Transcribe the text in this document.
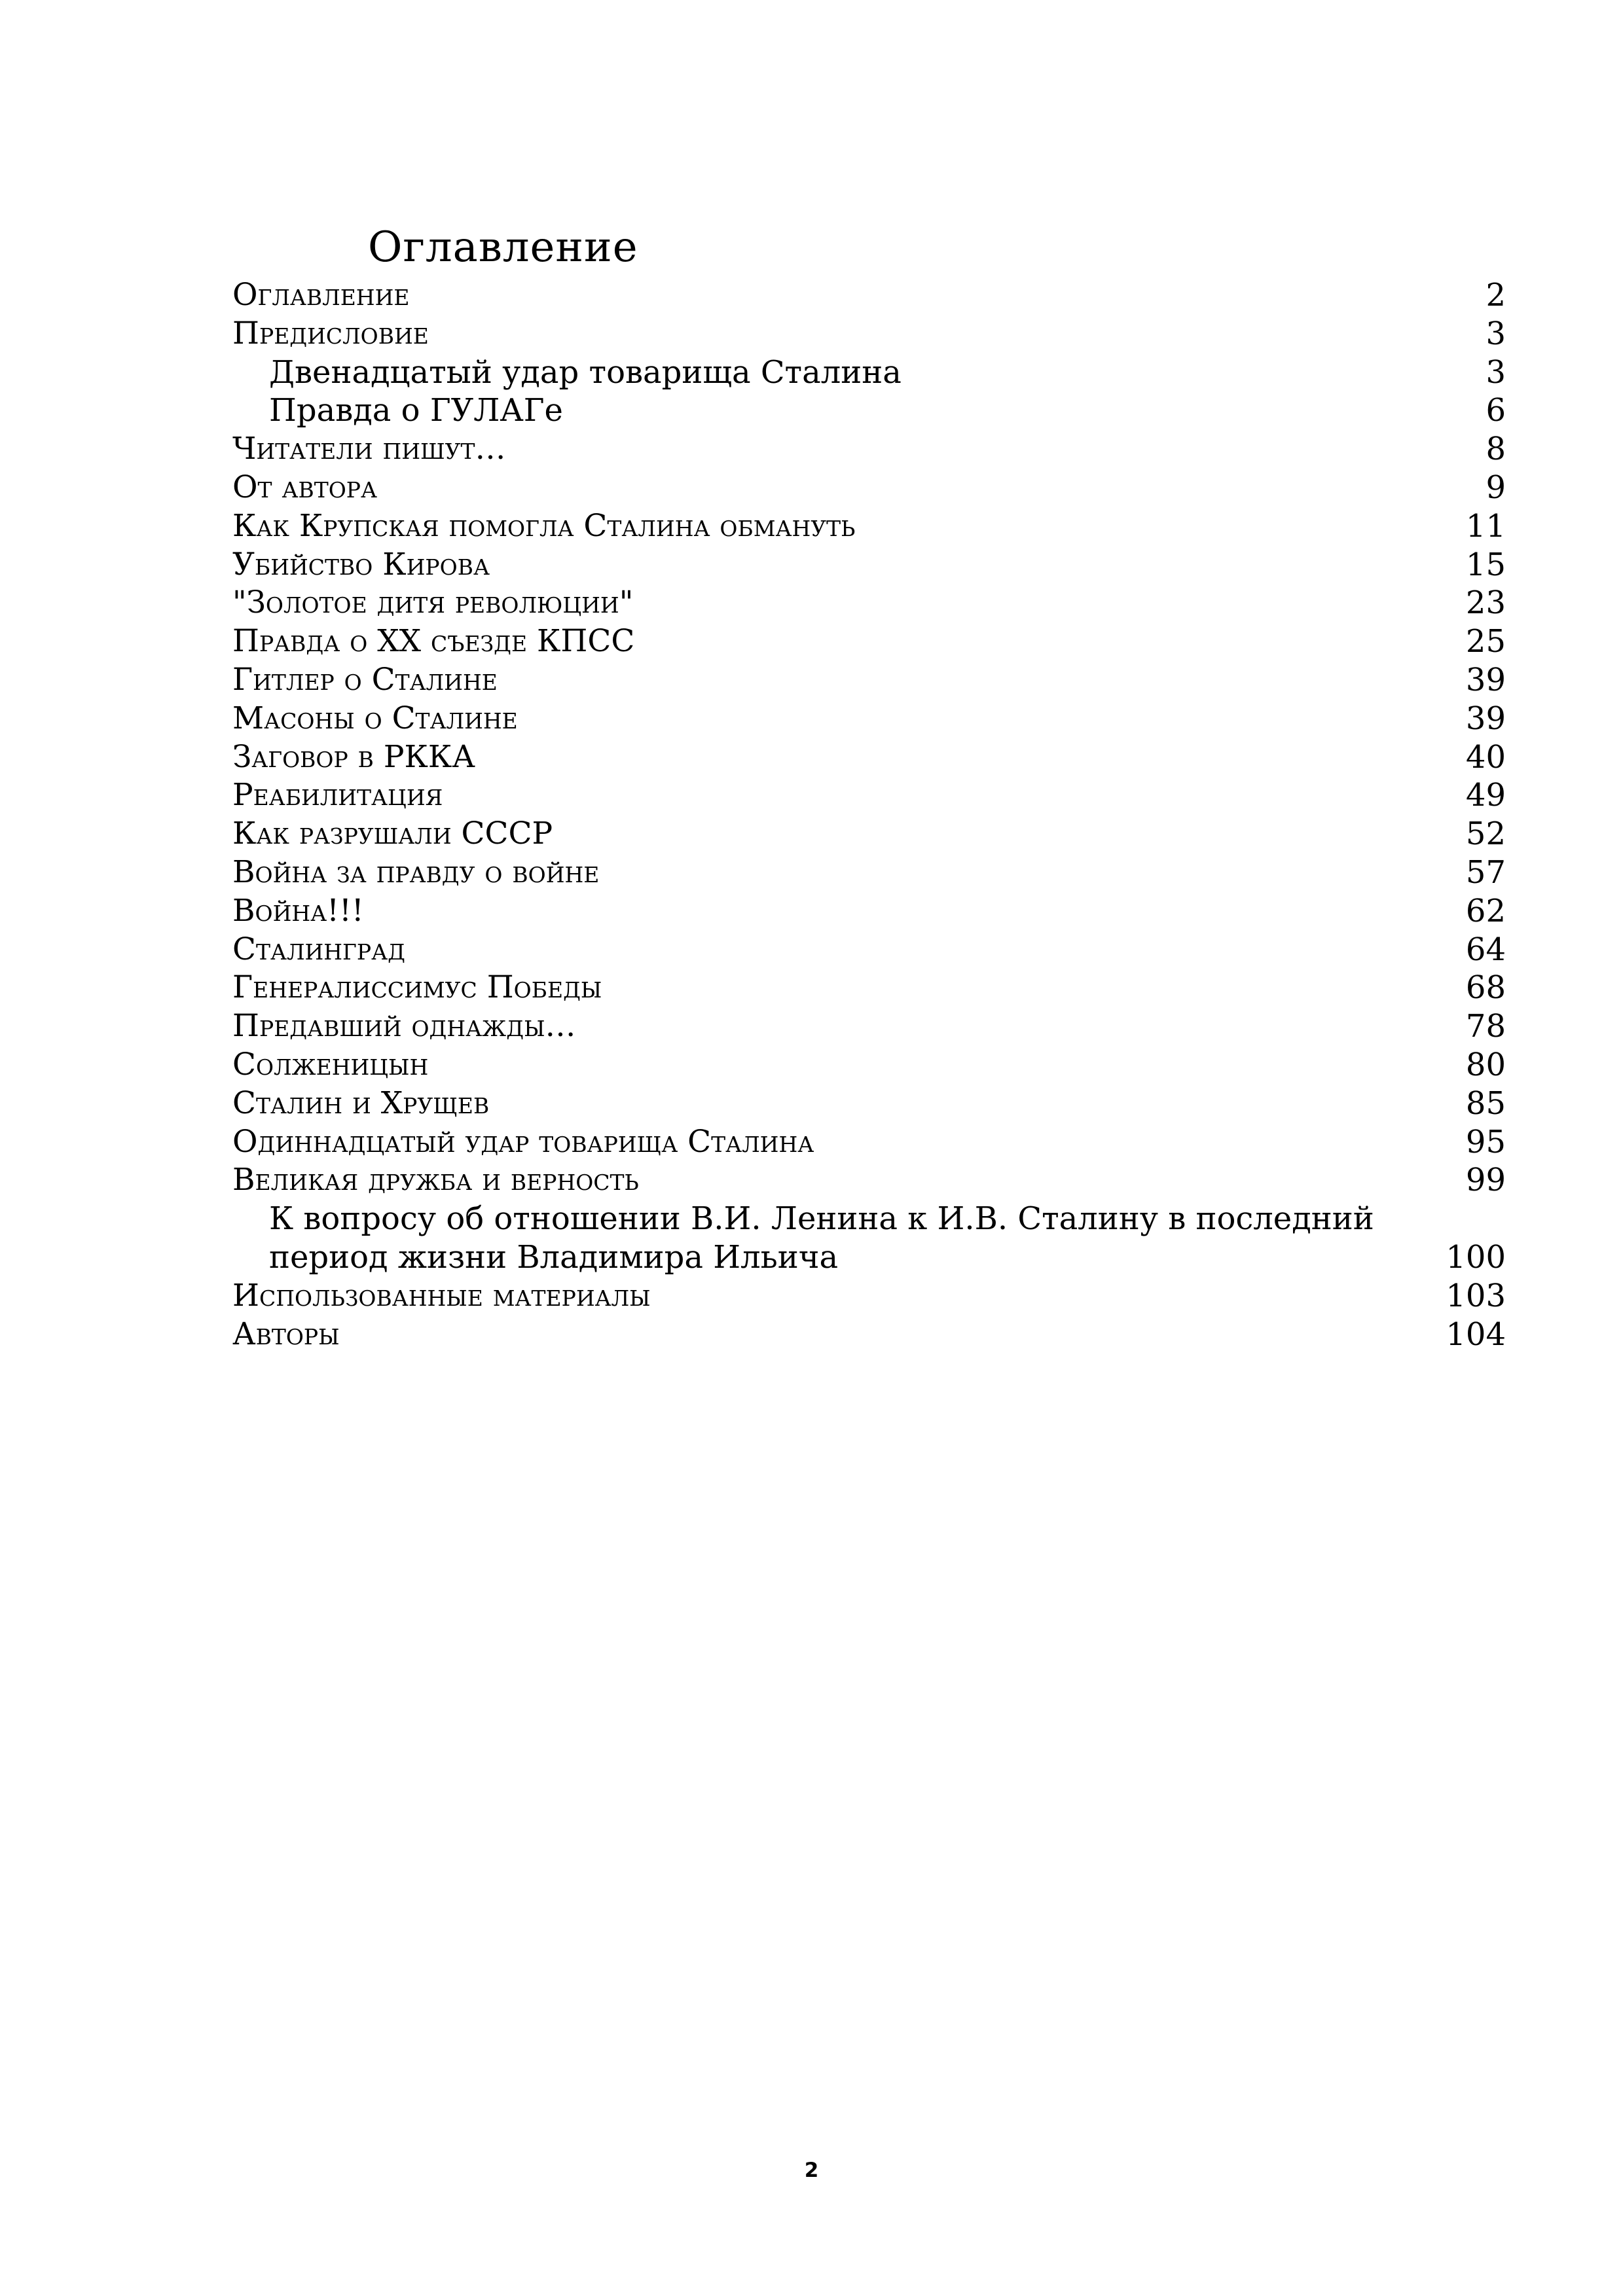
Оглавление
Оглавление	2
Предисловие	3
Двенадцатый удар товарища Сталина	3
Правда о ГУЛАГе	6
Читатели пишут…	8
От автора	9
Как Крупская помогла Сталина обмануть	11
Убийство Кирова	15
"Золотое дитя революции"	23
Правда о XX съезде КПСС	25
Гитлер о Сталине	39
Масоны о Сталине	39
Заговор в РККА	40
Реабилитация	49
Как разрушали СССР	52
Война за правду о войне	57
Война!!!	62
Сталинград	64
Генералиссимус Победы	68
Предавший однажды…	78
Солженицын	80
Сталин и Хрущев	85
Одиннадцатый удар товарища Сталина	95
Великая дружба и верность	99
К вопросу об отношении В.И. Ленина к И.В. Сталину в последний период жизни Владимира Ильича	100
Использованные материалы	103
Авторы	104
2
